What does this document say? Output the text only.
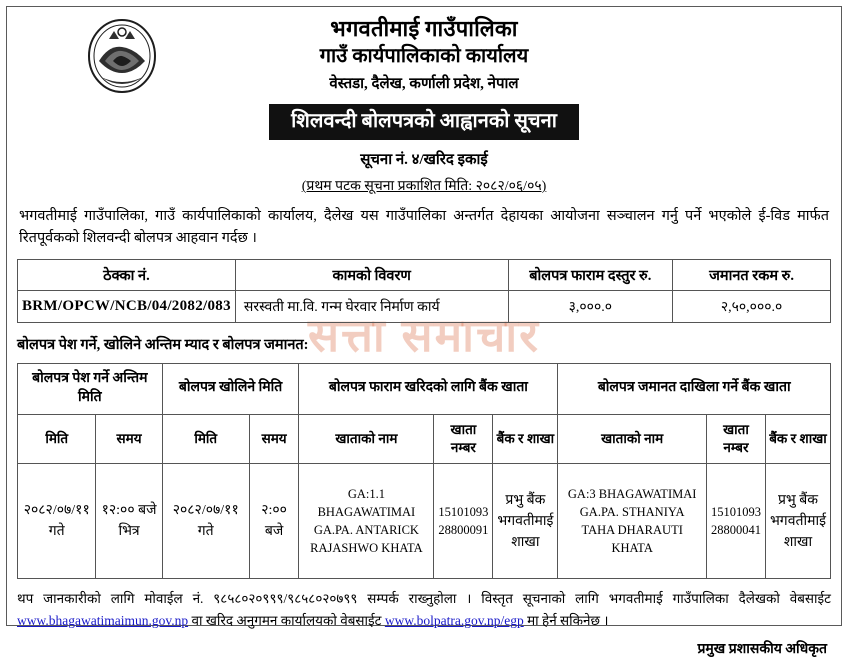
भगवतीमाई गाउँपालिका
गाउँ कार्यपालिकाको कार्यालय
वेस्तडा, दैलेख, कर्णाली प्रदेश, नेपाल
शिलवन्दी बोलपत्रको आह्वानको सूचना
सूचना नं. ४/खरिद इकाई
(प्रथम पटक सूचना प्रकाशित मिति: २०८२/०६/०५)
भगवतीमाई गाउँपालिका, गाउँ कार्यपालिकाको कार्यालय, दैलेख यस गाउँपालिका अन्तर्गत देहायका आयोजना सञ्चालन गर्नु पर्ने भएकोले ई-विड मार्फत रितपूर्वकको शिलवन्दी बोलपत्र आहवान गर्दछ ।
सत्ता समाचार
ठेक्का नं.	कामको विवरण	बोलपत्र फाराम दस्तुर रु.	जमानत रकम रु.
BRM/OPCW/NCB/04/2082/083	सरस्वती मा.वि. गन्म घेरवार निर्माण कार्य	३,०००.०	२,५०,०००.०
बोलपत्र पेश गर्ने, खोलिने अन्तिम म्याद र बोलपत्र जमानत:
बोलपत्र पेश गर्ने अन्तिम मिति		बोलपत्र खोलिने मिति		बोलपत्र फाराम खरिदको लागि बैंक खाता			बोलपत्र जमानत दाखिला गर्ने बैंक खाता		
मिति	समय	मिति	समय	खाताको नाम	खाता नम्बर	बैंक र शाखा	खाताको नाम	खाता नम्बर	बैंक र शाखा
२०८२/०७/११ गते	१२:०० बजे भित्र	२०८२/०७/११ गते	२:०० बजे	GA:1.1 BHAGAWATIMAI GA.PA. ANTARICK RAJASHWO KHATA	15101093 28800091	प्रभु बैंक भगवतीमाई शाखा	GA:3 BHAGAWATIMAI GA.PA. STHANIYA TAHA DHARAUTI KHATA	15101093 28800041	प्रभु बैंक भगवतीमाई शाखा
थप जानकारीको लागि मोवाईल नं. ९८५८०२०९९९/९८५८०२०७९९ सम्पर्क राख्नुहोला । विस्तृत सूचनाको लागि भगवतीमाई गाउँपालिका दैलेखको वेबसाईट www.bhagawatimaimun.gov.np वा खरिद अनुगमन कार्यालयको वेबसाईट www.bolpatra.gov.np/egp मा हेर्न सकिनेछ ।
प्रमुख प्रशासकीय अधिकृत
